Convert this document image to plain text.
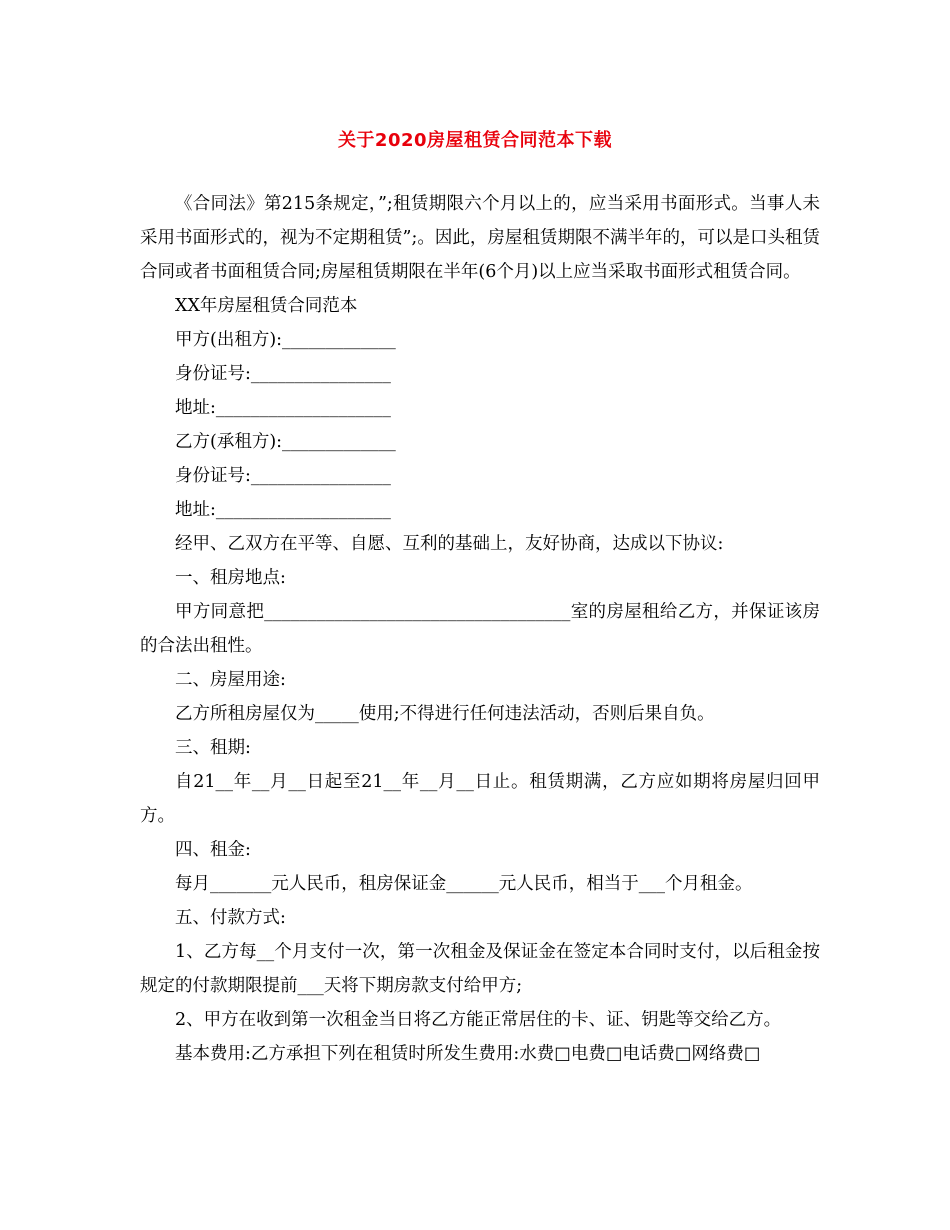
关于2020房屋租赁合同范本下载

《合同法》第215条规定，”;租赁期限六个月以上的，应当采用书面形式。当事人未采用书面形式的，视为不定期租赁”;。因此，房屋租赁期限不满半年的，可以是口头租赁合同或者书面租赁合同;房屋租赁期限在半年(6个月)以上应当采取书面形式租赁合同。

XX年房屋租赁合同范本

甲方(出租方):_____________

身份证号:________________

地址:____________________

乙方(承租方):_____________

身份证号:________________

地址:____________________

经甲、乙双方在平等、自愿、互利的基础上，友好协商，达成以下协议:

一、租房地点:

甲方同意把___________________________________室的房屋租给乙方，并保证该房的合法出租性。

二、房屋用途:

乙方所租房屋仅为_____使用;不得进行任何违法活动，否则后果自负。

三、租期:

自21__年__月__日起至21__年__月__日止。租赁期满，乙方应如期将房屋归回甲方。

四、租金:

每月_______元人民币，租房保证金______元人民币，相当于___个月租金。

五、付款方式:

1、乙方每__个月支付一次，第一次租金及保证金在签定本合同时支付，以后租金按规定的付款期限提前___天将下期房款支付给甲方;

2、甲方在收到第一次租金当日将乙方能正常居住的卡、证、钥匙等交给乙方。

基本费用:乙方承担下列在租赁时所发生费用:水费□电费□电话费□网络费□
